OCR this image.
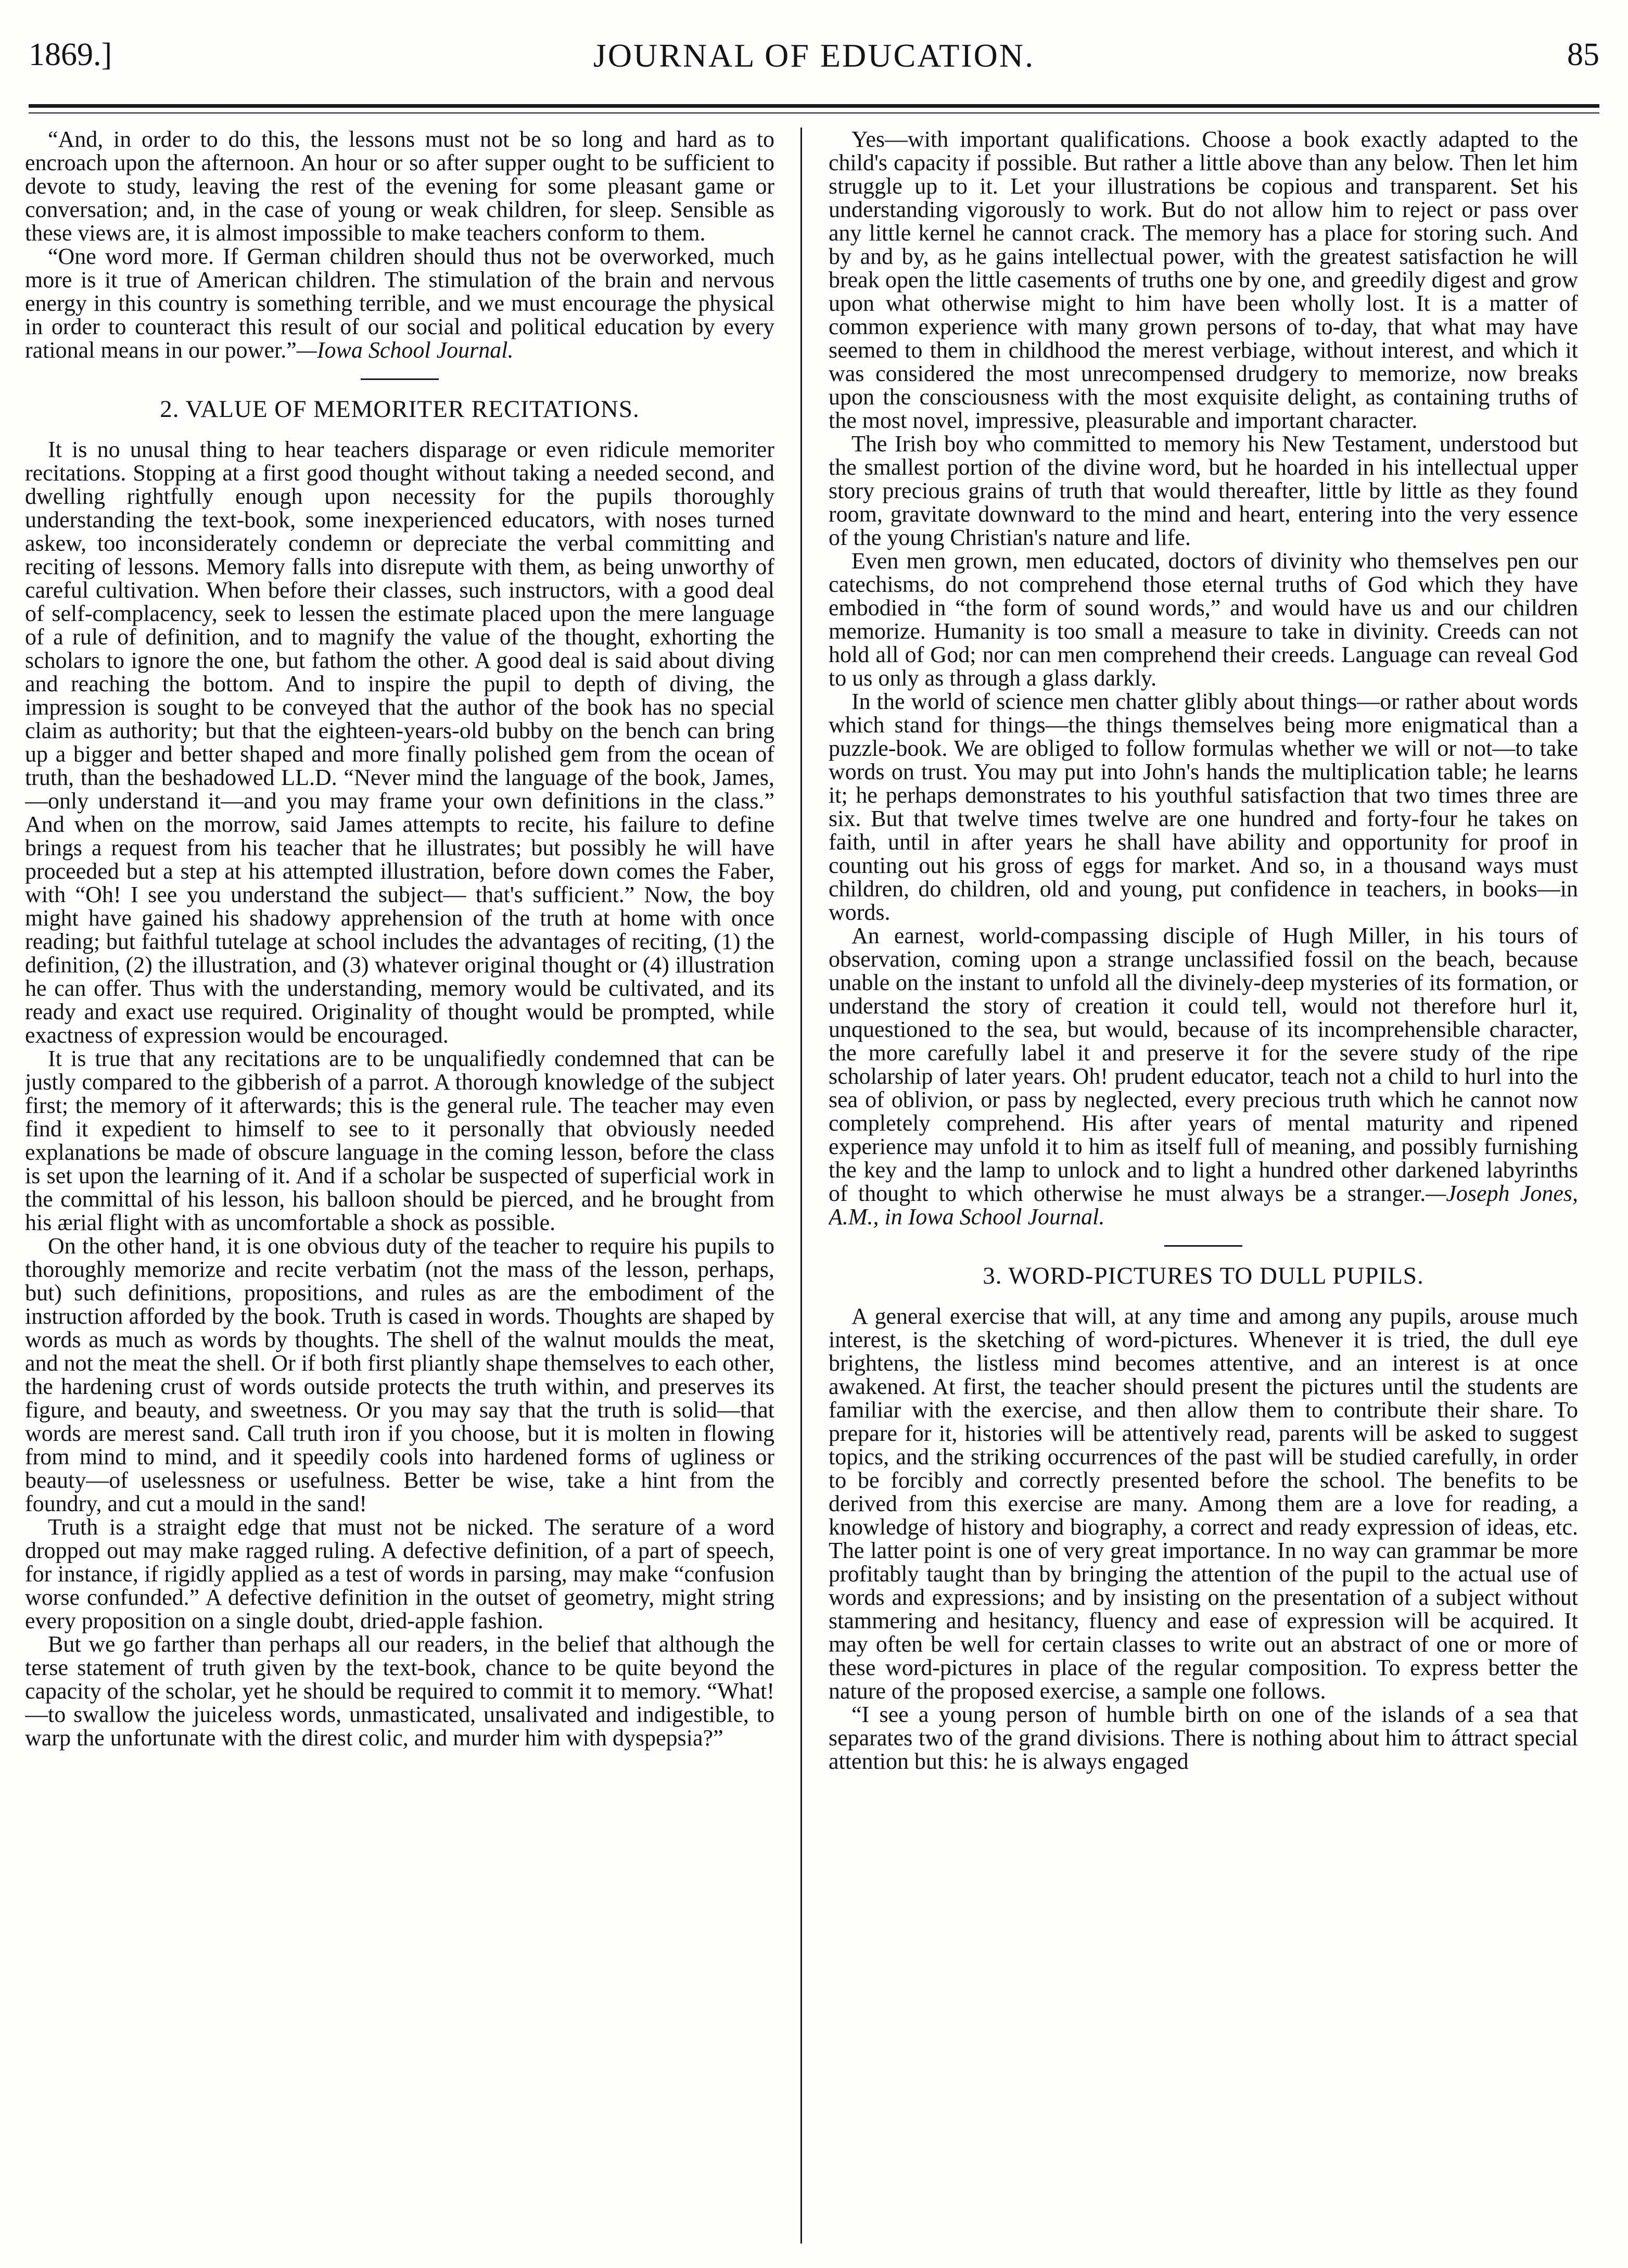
1869.]	JOURNAL OF EDUCATION.	85

“And, in order to do this, the lessons must not be so long and hard as to encroach upon the afternoon. An hour or so after supper ought to be sufficient to devote to study, leaving the rest of the evening for some pleasant game or conversation; and, in the case of young or weak children, for sleep. Sensible as these views are, it is almost impossible to make teachers conform to them.

“One word more. If German children should thus not be overworked, much more is it true of American children. The stimulation of the brain and nervous energy in this country is something terrible, and we must encourage the physical in order to counteract this result of our social and political education by every rational means in our power.”—Iowa School Journal.

2. VALUE OF MEMORITER RECITATIONS.

It is no unusal thing to hear teachers disparage or even ridicule memoriter recitations. Stopping at a first good thought without taking a needed second, and dwelling rightfully enough upon necessity for the pupils thoroughly understanding the text-book, some inexperienced educators, with noses turned askew, too inconsiderately condemn or depreciate the verbal committing and reciting of lessons. Memory falls into disrepute with them, as being unworthy of careful cultivation. When before their classes, such instructors, with a good deal of self-complacency, seek to lessen the estimate placed upon the mere language of a rule of definition, and to magnify the value of the thought, exhorting the scholars to ignore the one, but fathom the other. A good deal is said about diving and reaching the bottom. And to inspire the pupil to depth of diving, the impression is sought to be conveyed that the author of the book has no special claim as authority; but that the eighteen-years-old bubby on the bench can bring up a bigger and better shaped and more finally polished gem from the ocean of truth, than the beshadowed LL.D. “Never mind the language of the book, James,—only understand it—and you may frame your own definitions in the class.” And when on the morrow, said James attempts to recite, his failure to define brings a request from his teacher that he illustrates; but possibly he will have proceeded but a step at his attempted illustration, before down comes the Faber, with “Oh! I see you understand the subject— that's sufficient.” Now, the boy might have gained his shadowy apprehension of the truth at home with once reading; but faithful tutelage at school includes the advantages of reciting, (1) the definition, (2) the illustration, and (3) whatever original thought or (4) illustration he can offer. Thus with the understanding, memory would be cultivated, and its ready and exact use required. Originality of thought would be prompted, while exactness of expression would be encouraged.

It is true that any recitations are to be unqualifiedly condemned that can be justly compared to the gibberish of a parrot. A thorough knowledge of the subject first; the memory of it afterwards; this is the general rule. The teacher may even find it expedient to himself to see to it personally that obviously needed explanations be made of obscure language in the coming lesson, before the class is set upon the learning of it. And if a scholar be suspected of superficial work in the committal of his lesson, his balloon should be pierced, and he brought from his ærial flight with as uncomfortable a shock as possible.

On the other hand, it is one obvious duty of the teacher to require his pupils to thoroughly memorize and recite verbatim (not the mass of the lesson, perhaps, but) such definitions, propositions, and rules as are the embodiment of the instruction afforded by the book. Truth is cased in words. Thoughts are shaped by words as much as words by thoughts. The shell of the walnut moulds the meat, and not the meat the shell. Or if both first pliantly shape themselves to each other, the hardening crust of words outside protects the truth within, and preserves its figure, and beauty, and sweetness. Or you may say that the truth is solid—that words are merest sand. Call truth iron if you choose, but it is molten in flowing from mind to mind, and it speedily cools into hardened forms of ugliness or beauty—of uselessness or usefulness. Better be wise, take a hint from the foundry, and cut a mould in the sand!

Truth is a straight edge that must not be nicked. The serature of a word dropped out may make ragged ruling. A defective definition, of a part of speech, for instance, if rigidly applied as a test of words in parsing, may make “confusion worse confunded.” A defective definition in the outset of geometry, might string every proposition on a single doubt, dried-apple fashion.

But we go farther than perhaps all our readers, in the belief that although the terse statement of truth given by the text-book, chance to be quite beyond the capacity of the scholar, yet he should be required to commit it to memory. “What!—to swallow the juiceless words, unmasticated, unsalivated and indigestible, to warp the unfortunate with the direst colic, and murder him with dyspepsia?”

Yes—with important qualifications. Choose a book exactly adapted to the child's capacity if possible. But rather a little above than any below. Then let him struggle up to it. Let your illustrations be copious and transparent. Set his understanding vigorously to work. But do not allow him to reject or pass over any little kernel he cannot crack. The memory has a place for storing such. And by and by, as he gains intellectual power, with the greatest satisfaction he will break open the little casements of truths one by one, and greedily digest and grow upon what otherwise might to him have been wholly lost. It is a matter of common experience with many grown persons of to-day, that what may have seemed to them in childhood the merest verbiage, without interest, and which it was considered the most unrecompensed drudgery to memorize, now breaks upon the consciousness with the most exquisite delight, as containing truths of the most novel, impressive, pleasurable and important character.

The Irish boy who committed to memory his New Testament, understood but the smallest portion of the divine word, but he hoarded in his intellectual upper story precious grains of truth that would thereafter, little by little as they found room, gravitate downward to the mind and heart, entering into the very essence of the young Christian's nature and life.

Even men grown, men educated, doctors of divinity who themselves pen our catechisms, do not comprehend those eternal truths of God which they have embodied in “the form of sound words,” and would have us and our children memorize. Humanity is too small a measure to take in divinity. Creeds can not hold all of God; nor can men comprehend their creeds. Language can reveal God to us only as through a glass darkly.

In the world of science men chatter glibly about things—or rather about words which stand for things—the things themselves being more enigmatical than a puzzle-book. We are obliged to follow formulas whether we will or not—to take words on trust. You may put into John's hands the multiplication table; he learns it; he perhaps demonstrates to his youthful satisfaction that two times three are six. But that twelve times twelve are one hundred and forty-four he takes on faith, until in after years he shall have ability and opportunity for proof in counting out his gross of eggs for market. And so, in a thousand ways must children, do children, old and young, put confidence in teachers, in books—in words.

An earnest, world-compassing disciple of Hugh Miller, in his tours of observation, coming upon a strange unclassified fossil on the beach, because unable on the instant to unfold all the divinely-deep mysteries of its formation, or understand the story of creation it could tell, would not therefore hurl it, unquestioned to the sea, but would, because of its incomprehensible character, the more carefully label it and preserve it for the severe study of the ripe scholarship of later years. Oh! prudent educator, teach not a child to hurl into the sea of oblivion, or pass by neglected, every precious truth which he cannot now completely comprehend. His after years of mental maturity and ripened experience may unfold it to him as itself full of meaning, and possibly furnishing the key and the lamp to unlock and to light a hundred other darkened labyrinths of thought to which otherwise he must always be a stranger.—Joseph Jones, A.M., in Iowa School Journal.

3. WORD-PICTURES TO DULL PUPILS.

A general exercise that will, at any time and among any pupils, arouse much interest, is the sketching of word-pictures. Whenever it is tried, the dull eye brightens, the listless mind becomes attentive, and an interest is at once awakened. At first, the teacher should present the pictures until the students are familiar with the exercise, and then allow them to contribute their share. To prepare for it, histories will be attentively read, parents will be asked to suggest topics, and the striking occurrences of the past will be studied carefully, in order to be forcibly and correctly presented before the school. The benefits to be derived from this exercise are many. Among them are a love for reading, a knowledge of history and biography, a correct and ready expression of ideas, etc. The latter point is one of very great importance. In no way can grammar be more profitably taught than by bringing the attention of the pupil to the actual use of words and expressions; and by insisting on the presentation of a subject without stammering and hesitancy, fluency and ease of expression will be acquired. It may often be well for certain classes to write out an abstract of one or more of these word-pictures in place of the regular composition. To express better the nature of the proposed exercise, a sample one follows.

“I see a young person of humble birth on one of the islands of a sea that separates two of the grand divisions. There is nothing about him to áttract special attention but this: he is always engaged
